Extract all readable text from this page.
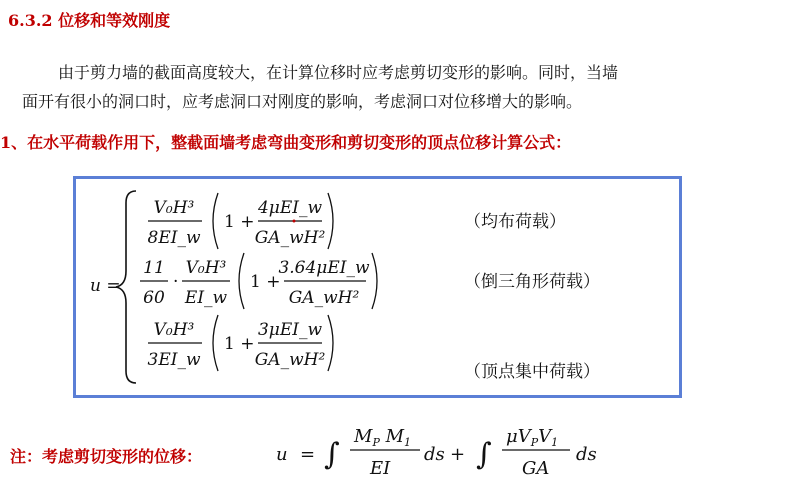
6.3.2 位移和等效刚度
由于剪力墙的截面高度较大，在计算位移时应考虑剪切变形的影响。同时，当墙
面开有很小的洞口时，应考虑洞口对刚度的影响，考虑洞口对位移增大的影响。
1、在水平荷载作用下，整截面墙考虑弯曲变形和剪切变形的顶点位移计算公式：
u =
V₀H³
8EI_w
1 +
4μEI_w
GA_wH²
（均布荷载）
11
60
·
V₀H³
EI_w
1 +
3.64μEI_w
GA_wH²
（倒三角形荷载）
V₀H³
3EI_w
1 +
3μEI_w
GA_wH²
（顶点集中荷载）
注：考虑剪切变形的位移：	u = ∫
$M_P$ $M_1$
EI
ds + ∫
$\mu V_PV_1$
GA
ds
